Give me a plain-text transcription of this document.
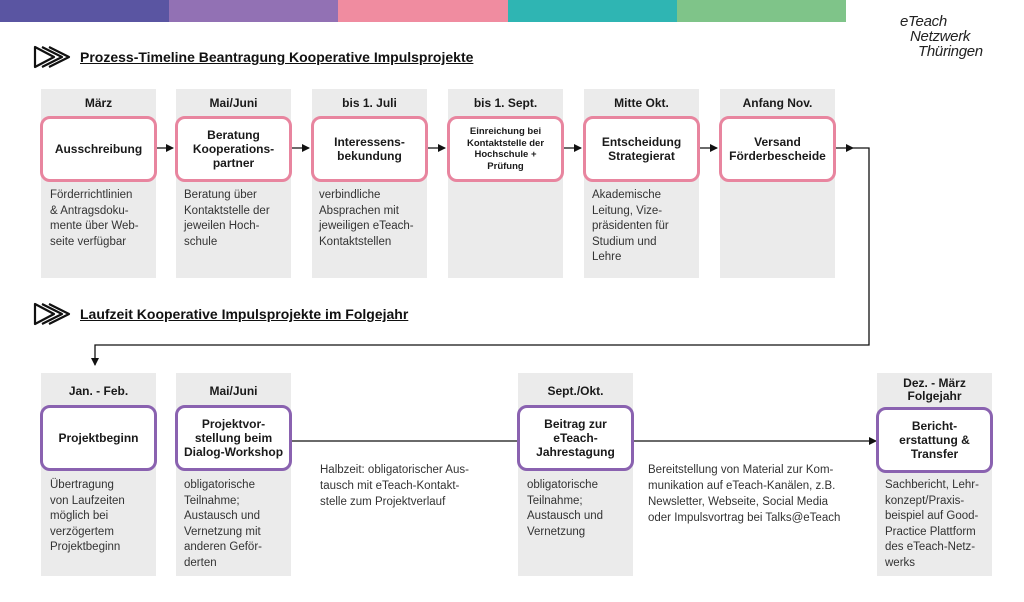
eTeach
Netzwerk
Thüringen
Prozess-Timeline Beantragung Kooperative Impulsprojekte
Laufzeit Kooperative Impulsprojekte im Folgejahr
März	Mai/Juni	bis 1. Juli	bis 1. Sept.	Mitte Okt.	Anfang Nov.
Ausschreibung
Beratung
Kooperations-
partner
Interessens-
bekundung
Einreichung bei
Kontaktstelle der
Hochschule +
Prüfung
Entscheidung
Strategierat
Versand
Förderbescheide
Förderrichtlinien
& Antragsdoku-
mente über Web-
seite verfügbar
Beratung über
Kontaktstelle der
jeweilen Hoch-
schule
verbindliche
Absprachen mit
jeweiligen eTeach-
Kontaktstellen
Akademische
Leitung, Vize-
präsidenten für
Studium und
Lehre
Jan. - Feb.	Mai/Juni	Sept./Okt.
Dez. - März
Folgejahr
Projektbeginn
Projektvor-
stellung beim
Dialog-Workshop
Beitrag zur
eTeach-
Jahrestagung
Bericht-
erstattung &
Transfer
Übertragung
von Laufzeiten
möglich bei
verzögertem
Projektbeginn
obligatorische
Teilnahme;
Austausch und
Vernetzung mit
anderen Geför-
derten
obligatorische
Teilnahme;
Austausch und
Vernetzung
Sachbericht, Lehr-
konzept/Praxis-
beispiel auf Good-
Practice Plattform
des eTeach-Netz-
werks
Halbzeit: obligatorischer Aus-
tausch mit eTeach-Kontakt-
stelle zum Projektverlauf
Bereitstellung von Material zur Kom-
munikation auf eTeach-Kanälen, z.B.
Newsletter, Webseite, Social Media
oder Impulsvortrag bei Talks@eTeach
